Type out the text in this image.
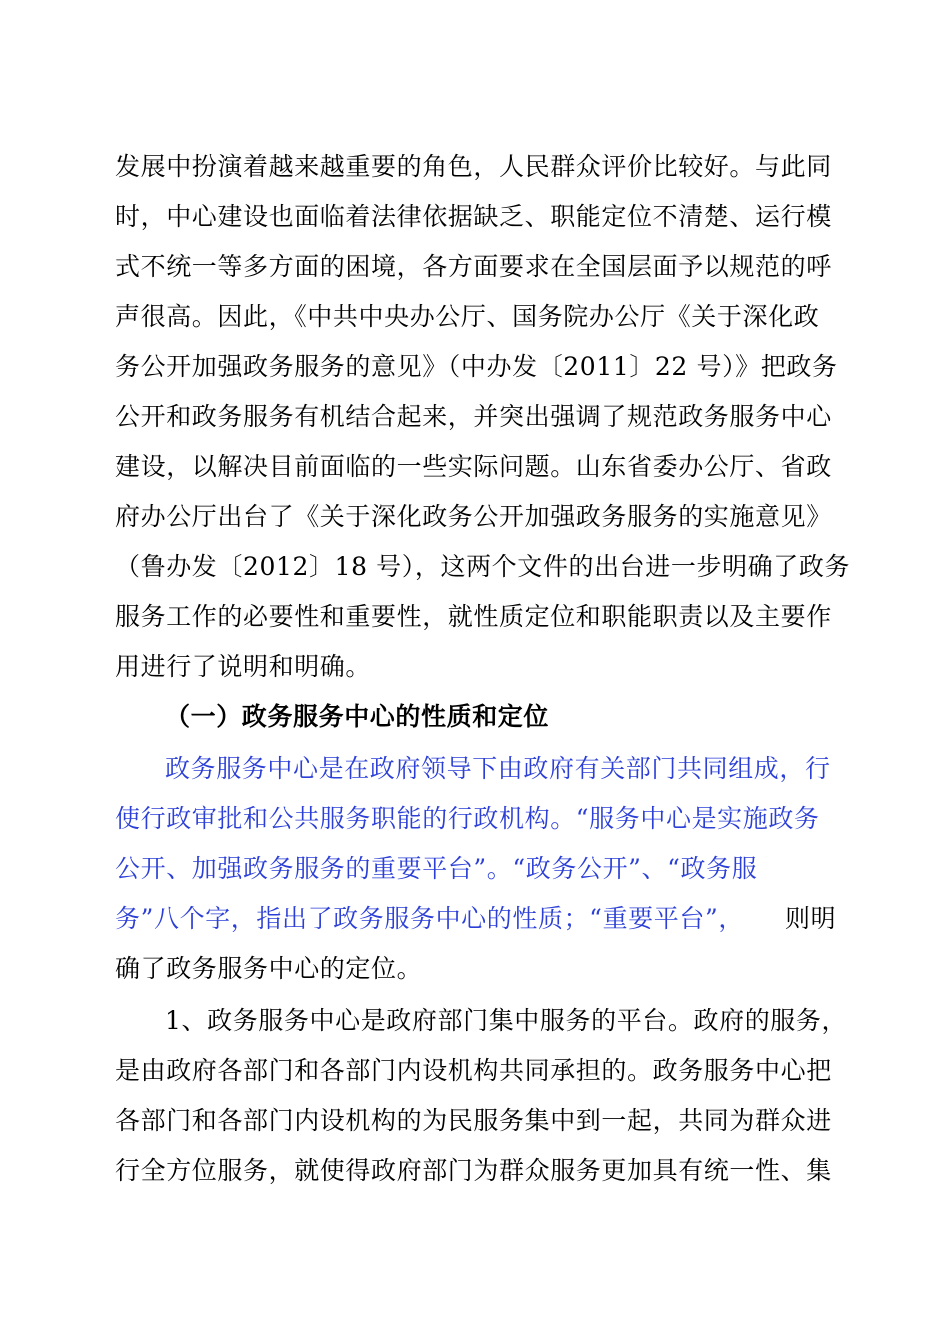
发展中扮演着越来越重要的角色，人民群众评价比较好。与此同
时，中心建设也面临着法律依据缺乏、职能定位不清楚、运行模
式不统一等多方面的困境，各方面要求在全国层面予以规范的呼
声很高。因此，《中共中央办公厅、国务院办公厅《关于深化政
务公开加强政务服务的意见》（中办发〔2011〕22 号）》把政务
公开和政务服务有机结合起来，并突出强调了规范政务服务中心
建设，以解决目前面临的一些实际问题。山东省委办公厅、省政
府办公厅出台了《关于深化政务公开加强政务服务的实施意见》
（鲁办发〔2012〕18 号），这两个文件的出台进一步明确了政务
服务工作的必要性和重要性，就性质定位和职能职责以及主要作
用进行了说明和明确。
（一）政务服务中心的性质和定位
政务服务中心是在政府领导下由政府有关部门共同组成，行
使行政审批和公共服务职能的行政机构。“服务中心是实施政务
公开、加强政务服务的重要平台”。“政务公开”、“政务服
务”八个字，指出了政务服务中心的性质；“重要平台”， 则明
确了政务服务中心的定位。
1、政务服务中心是政府部门集中服务的平台。政府的服务，
是由政府各部门和各部门内设机构共同承担的。政务服务中心把
各部门和各部门内设机构的为民服务集中到一起，共同为群众进
行全方位服务，就使得政府部门为群众服务更加具有统一性、集
